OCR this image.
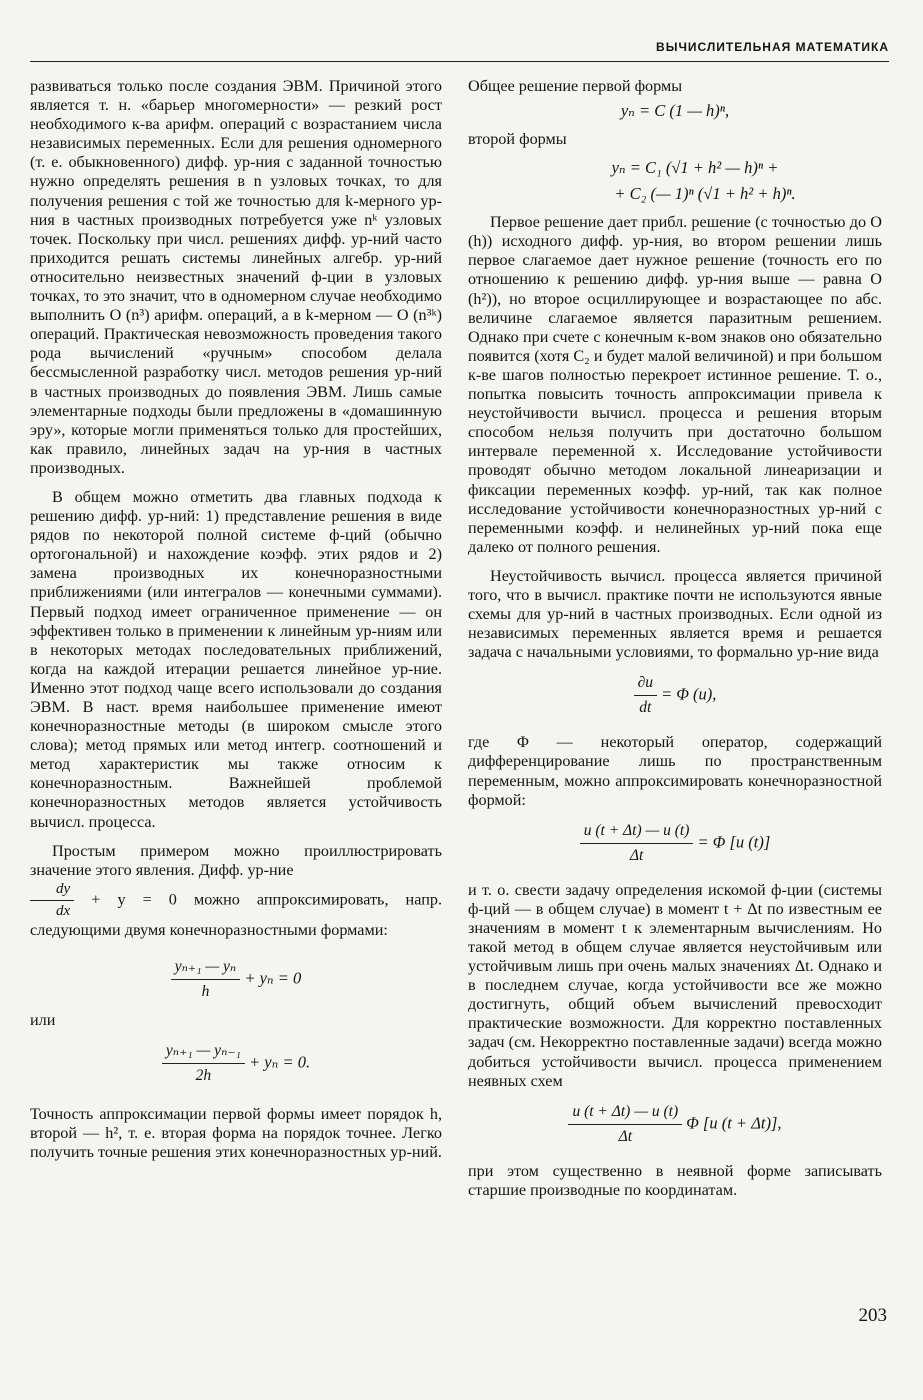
ВЫЧИСЛИТЕЛЬНАЯ МАТЕМАТИКА

развиваться только после создания ЭВМ. Причиной этого является т. н. «барьер многомерности» — резкий рост необходимого к-ва арифм. операций с возрастанием числа независимых переменных. Если для решения одномерного (т. е. обыкновенного) дифф. ур-ния с заданной точностью нужно определять решения в n узловых точках, то для получения решения с той же точностью для k-мерного ур-ния в частных производных потребуется уже nᵏ узловых точек. Поскольку при числ. решениях дифф. ур-ний часто приходится решать системы линейных алгебр. ур-ний относительно неизвестных значений ф-ции в узловых точках, то это значит, что в одномерном случае необходимо выполнить O (n³) арифм. операций, а в k-мерном — O (n³ᵏ) операций. Практическая невозможность проведения такого рода вычислений «ручным» способом делала бессмысленной разработку числ. методов решения ур-ний в частных производных до появления ЭВМ. Лишь самые элементарные подходы были предложены в «домашинную эру», которые могли применяться только для простейших, как правило, линейных задач на ур-ния в частных производных.

В общем можно отметить два главных подхода к решению дифф. ур-ний: 1) представление решения в виде рядов по некоторой полной системе ф-ций (обычно ортогональной) и нахождение коэфф. этих рядов и 2) замена производных их конечноразностными приближениями (или интегралов — конечными суммами). Первый подход имеет ограниченное применение — он эффективен только в применении к линейным ур-ниям или в некоторых методах последовательных приближений, когда на каждой итерации решается линейное ур-ние. Именно этот подход чаще всего использовали до создания ЭВМ. В наст. время наибольшее применение имеют конечноразностные методы (в широком смысле этого слова); метод прямых или метод интегр. соотношений и метод характеристик мы также относим к конечноразностным. Важнейшей проблемой конечноразностных методов является устойчивость вычисл. процесса.

Простым примером можно проиллюстрировать значение этого явления. Дифф. ур-ние

$\frac{dy}{dx} + y = 0$ можно аппроксимировать, напр. следующими двумя конечноразностными формами:

$\frac{\text{yₙ₊₁ — yₙ}}{h} + y_n = 0$

или

$\frac{\text{yₙ₊₁ — yₙ₋₁}}{2h} + y_n = 0$.

Точность аппроксимации первой формы имеет порядок h, второй — h², т. е. вторая форма на порядок точнее. Легко получить точные решения этих конечноразностных ур-ний.

Общее решение первой формы

yₙ = C (1 — h)ⁿ,

второй формы

yₙ = C₁ (√1 + h² — h)ⁿ +
+ C₂ (— 1)ⁿ (√1 + h² + h)ⁿ.

Первое решение дает прибл. решение (с точностью до O (h)) исходного дифф. ур-ния, во втором решении лишь первое слагаемое дает нужное решение (точность его по отношению к решению дифф. ур-ния выше — равна O (h²)), но второе осциллирующее и возрастающее по абс. величине слагаемое является паразитным решением. Однако при счете с конечным к-вом знаков оно обязательно появится (хотя C₂ и будет малой величиной) и при большом к-ве шагов полностью перекроет истинное решение. Т. о., попытка повысить точность аппроксимации привела к неустойчивости вычисл. процесса и решения вторым способом нельзя получить при достаточно большом интервале переменной x. Исследование устойчивости проводят обычно методом локальной линеаризации и фиксации переменных коэфф. ур-ний, так как полное исследование устойчивости конечноразностных ур-ний с переменными коэфф. и нелинейных ур-ний пока еще далеко от полного решения.

Неустойчивость вычисл. процесса является причиной того, что в вычисл. практике почти не используются явные схемы для ур-ний в частных производных. Если одной из независимых переменных является время и решается задача с начальными условиями, то формально ур-ние вида

$\frac{\partial u}{dt} = \Phi$ (u),

где Φ — некоторый оператор, содержащий дифференцирование лишь по пространственным переменным, можно аппроксимировать конечноразностной формой:

$\frac{u (t + \Delta t) — u (t)}{\Delta t} = \Phi$ [u (t)]

и т. о. свести задачу определения искомой ф-ции (системы ф-ций — в общем случае) в момент t + Δt по известным ее значениям в момент t к элементарным вычислениям. Но такой метод в общем случае является неустойчивым или устойчивым лишь при очень малых значениях Δt. Однако и в последнем случае, когда устойчивости все же можно достигнуть, общий объем вычислений превосходит практические возможности. Для корректно поставленных задач (см. Некорректно поставленные задачи) всегда можно добиться устойчивости вычисл. процесса применением неявных схем

$\frac{u (t + \Delta t) — u (t)}{\Delta t}$ Φ [u (t + Δt)],

при этом существенно в неявной форме записывать старшие производные по координатам.

203
